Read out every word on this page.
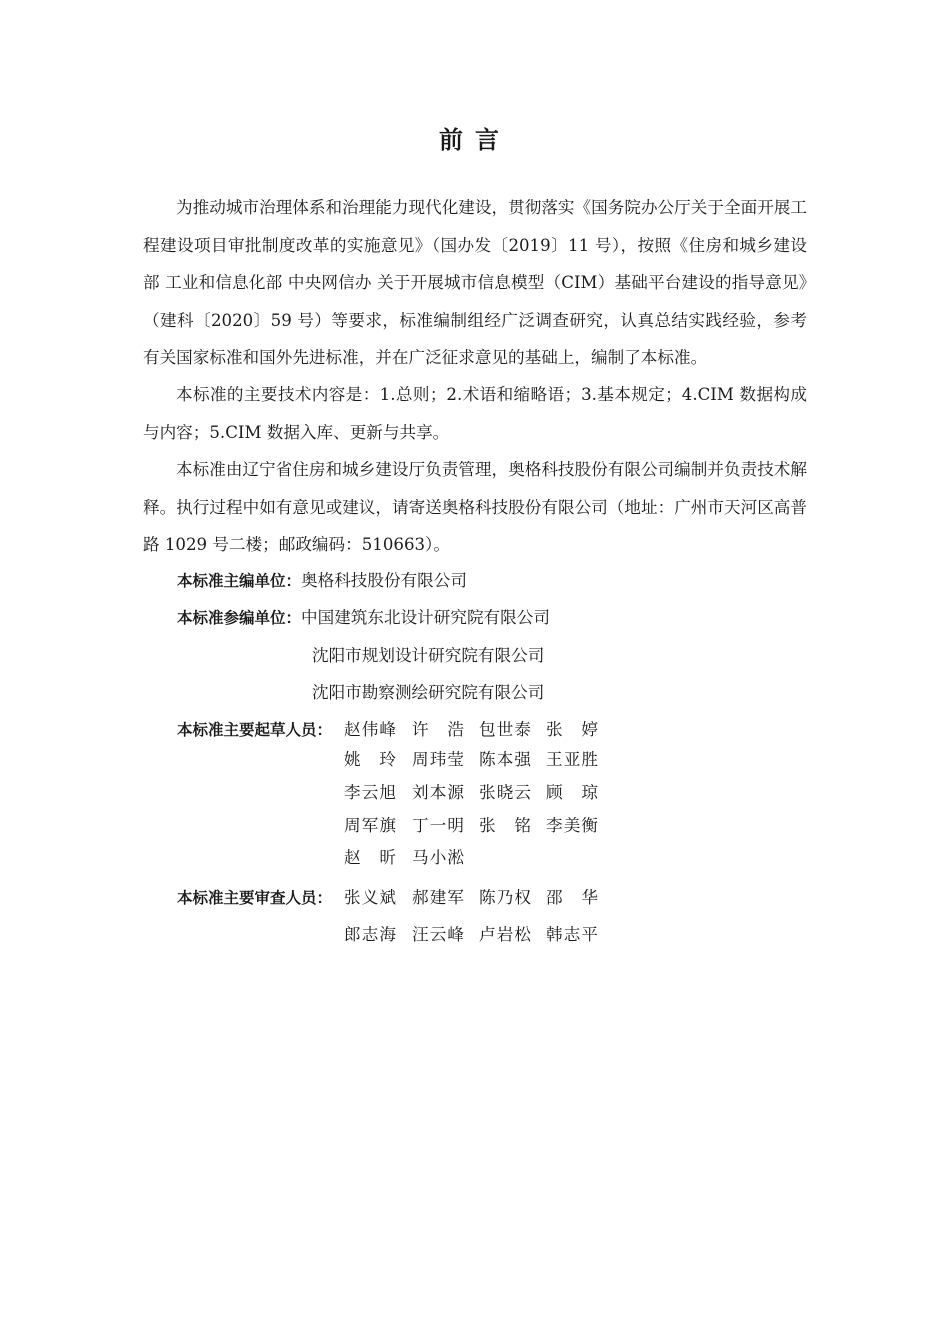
前言

为推动城市治理体系和治理能力现代化建设，贯彻落实《国务院办公厅关于全面开展工程建设项目审批制度改革的实施意见》（国办发〔2019〕11 号），按照《住房和城乡建设部 工业和信息化部 中央网信办 关于开展城市信息模型（CIM）基础平台建设的指导意见》（建科〔2020〕59 号）等要求，标准编制组经广泛调查研究，认真总结实践经验，参考有关国家标准和国外先进标准，并在广泛征求意见的基础上，编制了本标准。

本标准的主要技术内容是：1.总则；2.术语和缩略语；3.基本规定；4.CIM 数据构成与内容；5.CIM 数据入库、更新与共享。

本标准由辽宁省住房和城乡建设厅负责管理，奥格科技股份有限公司编制并负责技术解释。执行过程中如有意见或建议，请寄送奥格科技股份有限公司（地址：广州市天河区高普路 1029 号二楼；邮政编码：510663）。

本标准主编单位：奥格科技股份有限公司
本标准参编单位：中国建筑东北设计研究院有限公司
沈阳市规划设计研究院有限公司
沈阳市勘察测绘研究院有限公司
本标准主要起草人员： 赵伟峰 许浩 包世泰 张婷
姚玲 周玮莹 陈本强 王亚胜
李云旭 刘本源 张晓云 顾琼
周军旗 丁一明 张铭 李美衡
赵昕 马小淞
本标准主要审查人员： 张义斌 郝建军 陈乃权 邵华
郎志海 汪云峰 卢岩松 韩志平
